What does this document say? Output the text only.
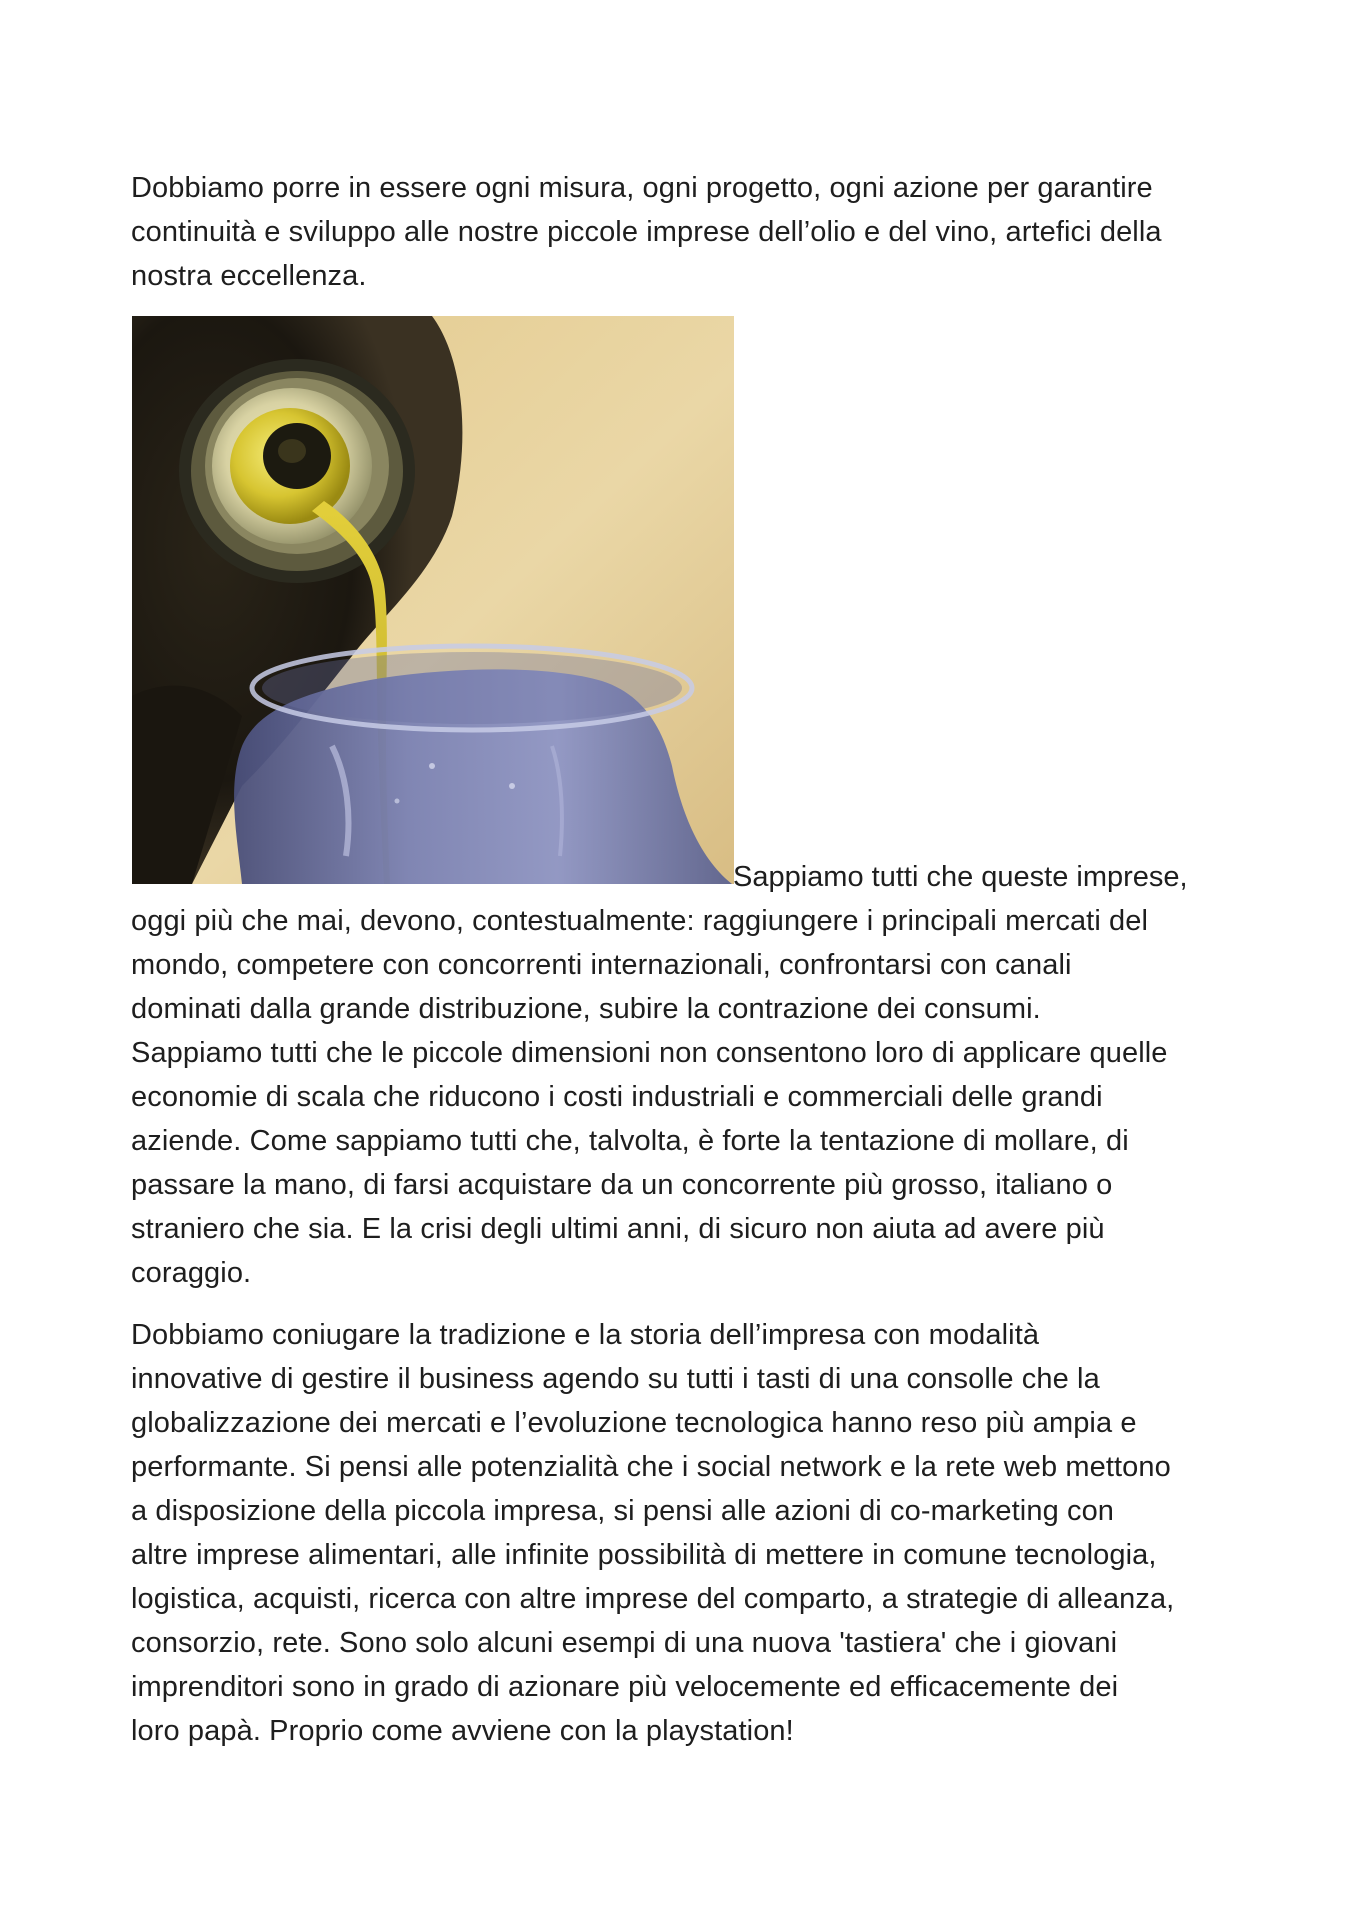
Dobbiamo porre in essere ogni misura, ogni progetto, ogni azione per garantire
continuità e sviluppo alle nostre piccole imprese dell’olio e del vino, artefici della
nostra eccellenza.
Sappiamo tutti che queste imprese,
oggi più che mai, devono, contestualmente: raggiungere i principali mercati del
mondo, competere con concorrenti internazionali, confrontarsi con canali
dominati dalla grande distribuzione, subire la contrazione dei consumi.
Sappiamo tutti che le piccole dimensioni non consentono loro di applicare quelle
economie di scala che riducono i costi industriali e commerciali delle grandi
aziende. Come sappiamo tutti che, talvolta, è forte la tentazione di mollare, di
passare la mano, di farsi acquistare da un concorrente più grosso, italiano o
straniero che sia. E la crisi degli ultimi anni, di sicuro non aiuta ad avere più
coraggio.
Dobbiamo coniugare la tradizione e la storia dell’impresa con modalità
innovative di gestire il business agendo su tutti i tasti di una consolle che la
globalizzazione dei mercati e l’evoluzione tecnologica hanno reso più ampia e
performante. Si pensi alle potenzialità che i social network e la rete web mettono
a disposizione della piccola impresa, si pensi alle azioni di co-marketing con
altre imprese alimentari, alle infinite possibilità di mettere in comune tecnologia,
logistica, acquisti, ricerca con altre imprese del comparto, a strategie di alleanza,
consorzio, rete. Sono solo alcuni esempi di una nuova 'tastiera' che i giovani
imprenditori sono in grado di azionare più velocemente ed efficacemente dei
loro papà. Proprio come avviene con la playstation!
